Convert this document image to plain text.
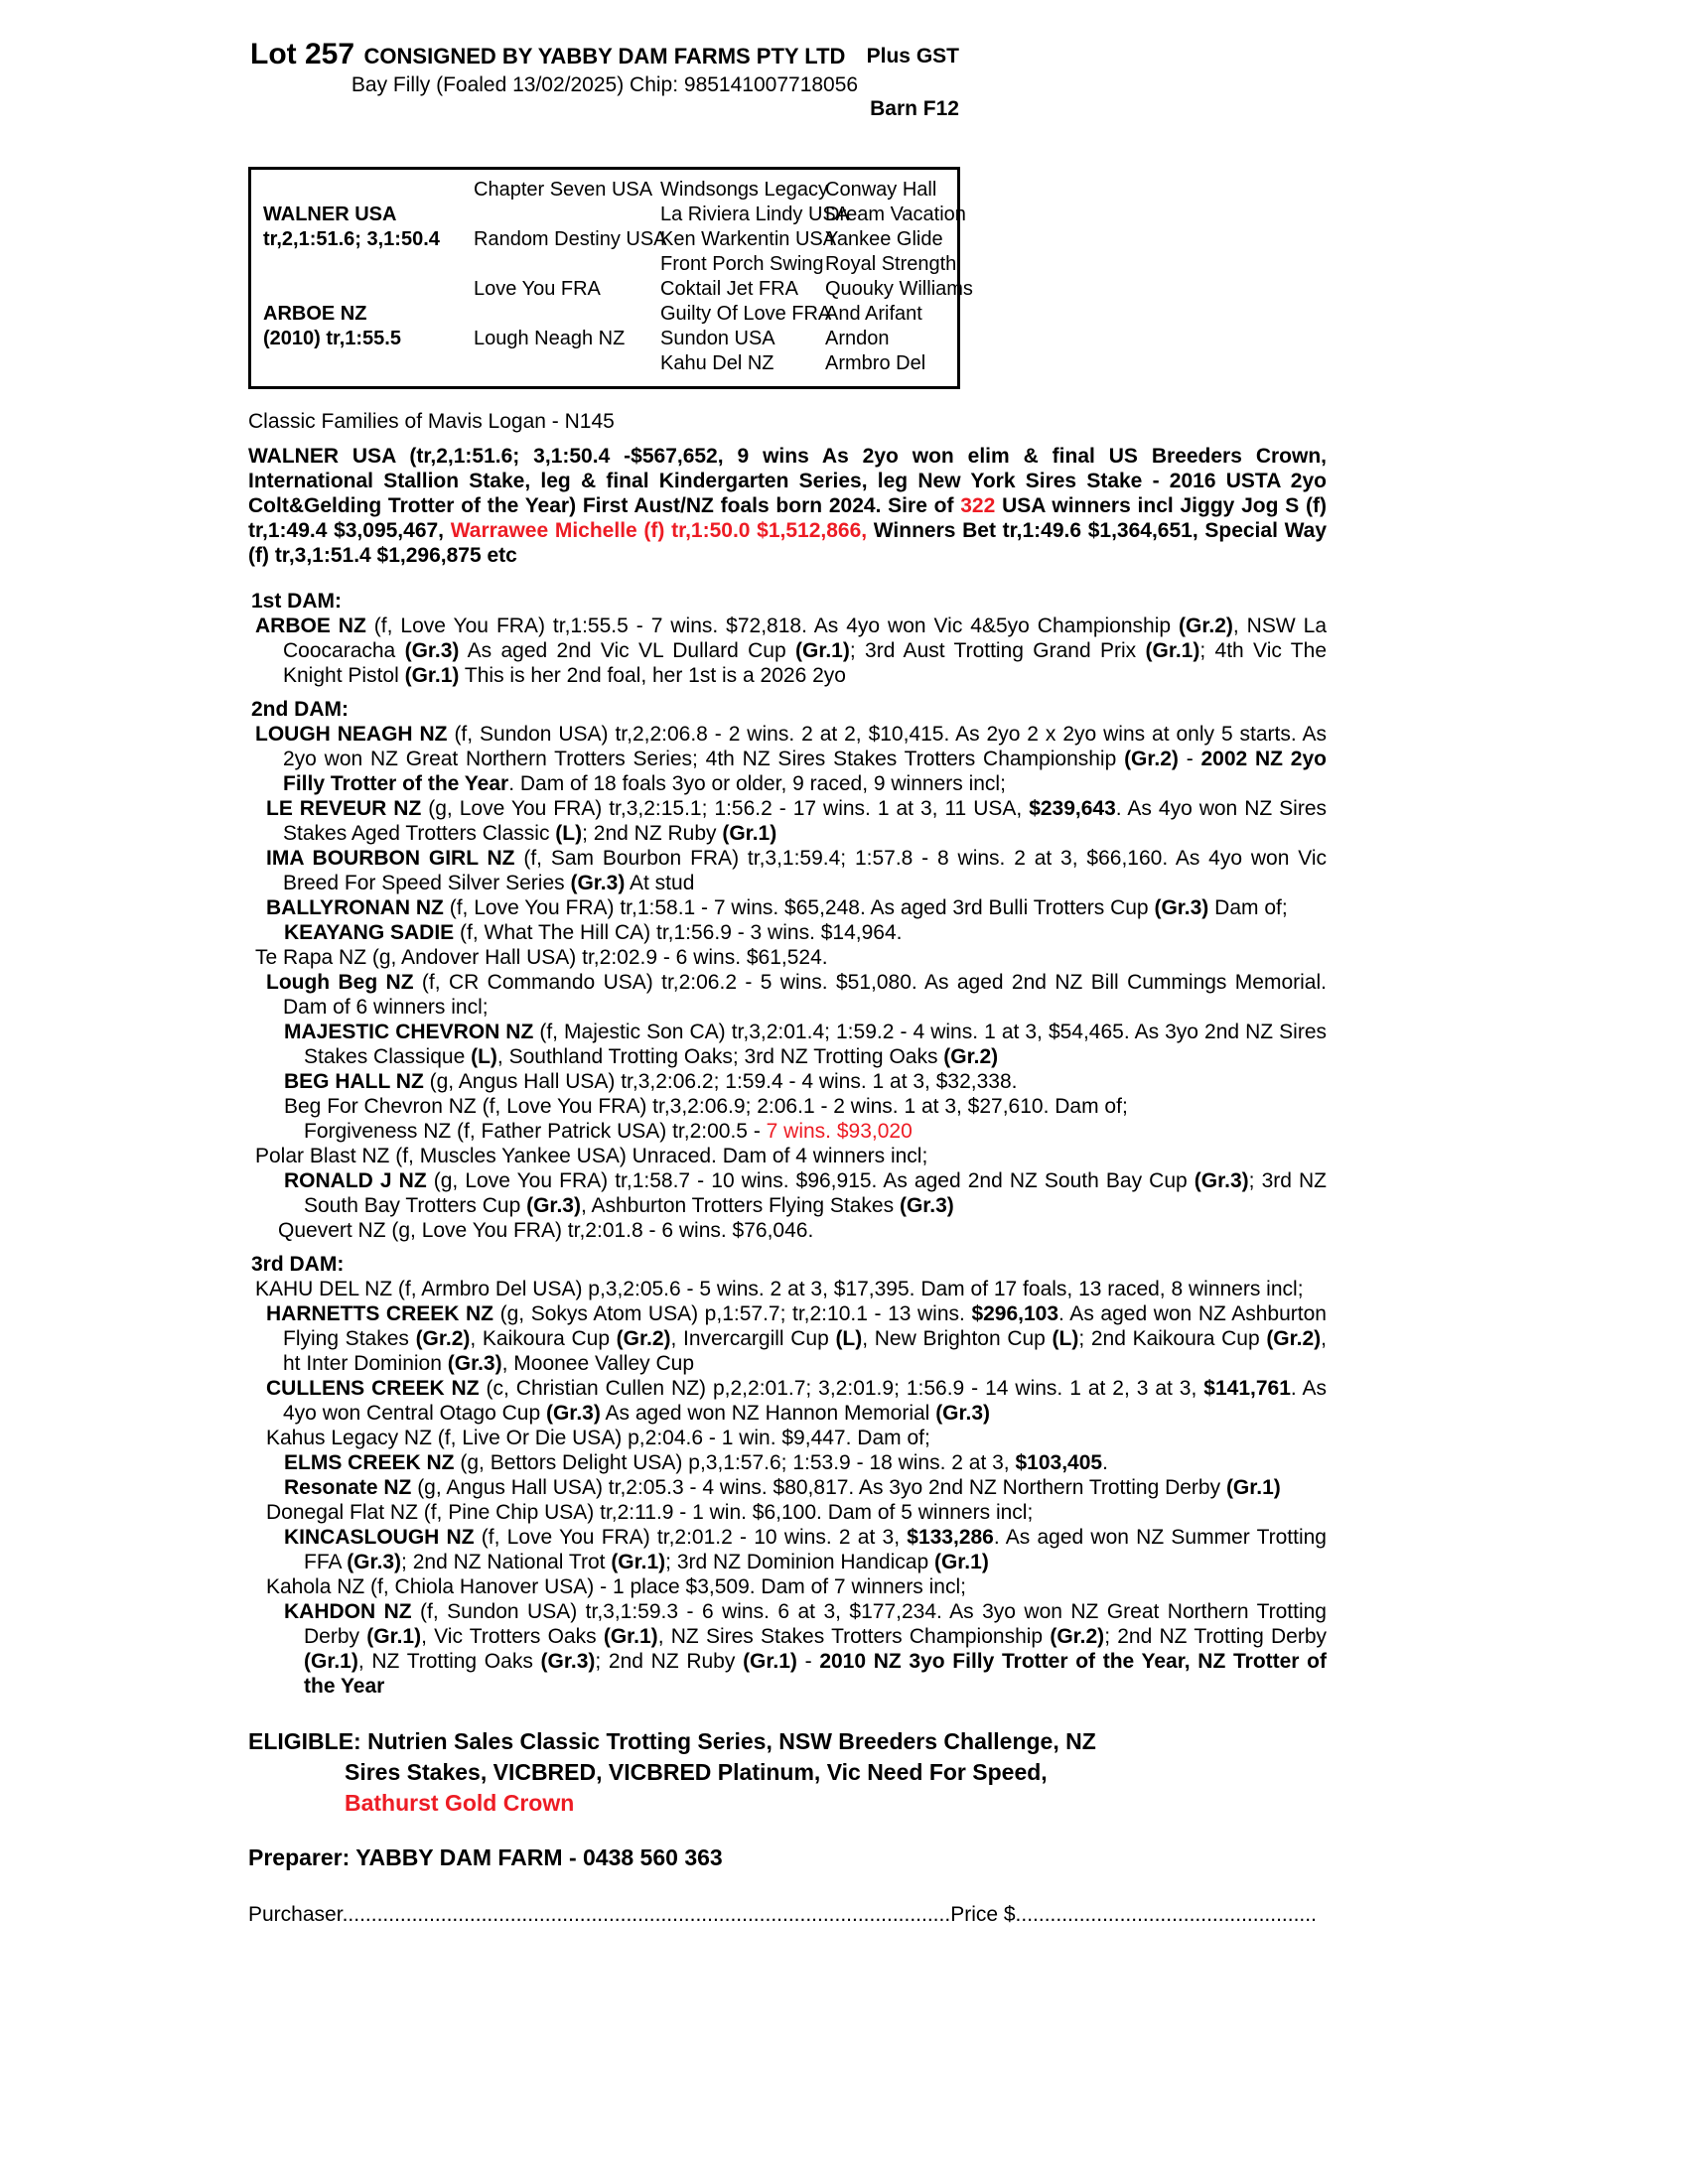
Lot 257 CONSIGNED BY YABBY DAM FARMS PTY LTD	Plus GST
Bay Filly (Foaled 13/02/2025) Chip: 985141007718056
Barn F12
WALNER USA
tr,2,1:51.6; 3,1:50.4
ARBOE NZ
(2010) tr,1:55.5
Chapter Seven USA
Random Destiny USA
Love You FRA
Lough Neagh NZ
Windsongs Legacy
La Riviera Lindy USA
Ken Warkentin USA
Front Porch Swing
Coktail Jet FRA
Guilty Of Love FRA
Sundon USA
Kahu Del NZ
Conway Hall
Dream Vacation
Yankee Glide
Royal Strength
Quouky Williams
And Arifant
Arndon
Armbro Del
Classic Families of Mavis Logan - N145

WALNER USA (tr,2,1:51.6; 3,1:50.4 -$567,652, 9 wins As 2yo won elim & final US Breeders Crown, International Stallion Stake, leg & final Kindergarten Series, leg New York Sires Stake - 2016 USTA 2yo Colt&Gelding Trotter of the Year) First Aust/NZ foals born 2024. Sire of 322 USA winners incl Jiggy Jog S (f) tr,1:49.4 $3,095,467, Warrawee Michelle (f) tr,1:50.0 $1,512,866, Winners Bet tr,1:49.6 $1,364,651, Special Way (f) tr,3,1:51.4 $1,296,875 etc

1st DAM:

ARBOE NZ (f, Love You FRA) tr,1:55.5 - 7 wins. $72,818. As 4yo won Vic 4&5yo Championship (Gr.2), NSW La Coocaracha (Gr.3) As aged 2nd Vic VL Dullard Cup (Gr.1); 3rd Aust Trotting Grand Prix (Gr.1); 4th Vic The Knight Pistol (Gr.1) This is her 2nd foal, her 1st is a 2026 2yo

2nd DAM:

LOUGH NEAGH NZ (f, Sundon USA) tr,2,2:06.8 - 2 wins. 2 at 2, $10,415. As 2yo 2 x 2yo wins at only 5 starts. As 2yo won NZ Great Northern Trotters Series; 4th NZ Sires Stakes Trotters Championship (Gr.2) - 2002 NZ 2yo Filly Trotter of the Year. Dam of 18 foals 3yo or older, 9 raced, 9 winners incl;

LE REVEUR NZ (g, Love You FRA) tr,3,2:15.1; 1:56.2 - 17 wins. 1 at 3, 11 USA, $239,643. As 4yo won NZ Sires Stakes Aged Trotters Classic (L); 2nd NZ Ruby (Gr.1)

IMA BOURBON GIRL NZ (f, Sam Bourbon FRA) tr,3,1:59.4; 1:57.8 - 8 wins. 2 at 3, $66,160. As 4yo won Vic Breed For Speed Silver Series (Gr.3) At stud

BALLYRONAN NZ (f, Love You FRA) tr,1:58.1 - 7 wins. $65,248. As aged 3rd Bulli Trotters Cup (Gr.3) Dam of;

KEAYANG SADIE (f, What The Hill CA) tr,1:56.9 - 3 wins. $14,964.

Te Rapa NZ (g, Andover Hall USA) tr,2:02.9 - 6 wins. $61,524.

Lough Beg NZ (f, CR Commando USA) tr,2:06.2 - 5 wins. $51,080. As aged 2nd NZ Bill Cummings Memorial. Dam of 6 winners incl;

MAJESTIC CHEVRON NZ (f, Majestic Son CA) tr,3,2:01.4; 1:59.2 - 4 wins. 1 at 3, $54,465. As 3yo 2nd NZ Sires Stakes Classique (L), Southland Trotting Oaks; 3rd NZ Trotting Oaks (Gr.2)

BEG HALL NZ (g, Angus Hall USA) tr,3,2:06.2; 1:59.4 - 4 wins. 1 at 3, $32,338.

Beg For Chevron NZ (f, Love You FRA) tr,3,2:06.9; 2:06.1 - 2 wins. 1 at 3, $27,610. Dam of;

Forgiveness NZ (f, Father Patrick USA) tr,2:00.5 - 7 wins. $93,020

Polar Blast NZ (f, Muscles Yankee USA) Unraced. Dam of 4 winners incl;

RONALD J NZ (g, Love You FRA) tr,1:58.7 - 10 wins. $96,915. As aged 2nd NZ South Bay Cup (Gr.3); 3rd NZ South Bay Trotters Cup (Gr.3), Ashburton Trotters Flying Stakes (Gr.3)

Quevert NZ (g, Love You FRA) tr,2:01.8 - 6 wins. $76,046.

3rd DAM:

KAHU DEL NZ (f, Armbro Del USA) p,3,2:05.6 - 5 wins. 2 at 3, $17,395. Dam of 17 foals, 13 raced, 8 winners incl;

HARNETTS CREEK NZ (g, Sokys Atom USA) p,1:57.7; tr,2:10.1 - 13 wins. $296,103. As aged won NZ Ashburton Flying Stakes (Gr.2), Kaikoura Cup (Gr.2), Invercargill Cup (L), New Brighton Cup (L); 2nd Kaikoura Cup (Gr.2), ht Inter Dominion (Gr.3), Moonee Valley Cup

CULLENS CREEK NZ (c, Christian Cullen NZ) p,2,2:01.7; 3,2:01.9; 1:56.9 - 14 wins. 1 at 2, 3 at 3, $141,761. As 4yo won Central Otago Cup (Gr.3) As aged won NZ Hannon Memorial (Gr.3)

Kahus Legacy NZ (f, Live Or Die USA) p,2:04.6 - 1 win. $9,447. Dam of;

ELMS CREEK NZ (g, Bettors Delight USA) p,3,1:57.6; 1:53.9 - 18 wins. 2 at 3, $103,405.

Resonate NZ (g, Angus Hall USA) tr,2:05.3 - 4 wins. $80,817. As 3yo 2nd NZ Northern Trotting Derby (Gr.1)

Donegal Flat NZ (f, Pine Chip USA) tr,2:11.9 - 1 win. $6,100. Dam of 5 winners incl;

KINCASLOUGH NZ (f, Love You FRA) tr,2:01.2 - 10 wins. 2 at 3, $133,286. As aged won NZ Summer Trotting FFA (Gr.3); 2nd NZ National Trot (Gr.1); 3rd NZ Dominion Handicap (Gr.1)

Kahola NZ (f, Chiola Hanover USA) - 1 place $3,509. Dam of 7 winners incl;

KAHDON NZ (f, Sundon USA) tr,3,1:59.3 - 6 wins. 6 at 3, $177,234. As 3yo won NZ Great Northern Trotting Derby (Gr.1), Vic Trotters Oaks (Gr.1), NZ Sires Stakes Trotters Championship (Gr.2); 2nd NZ Trotting Derby (Gr.1), NZ Trotting Oaks (Gr.3); 2nd NZ Ruby (Gr.1) - 2010 NZ 3yo Filly Trotter of the Year, NZ Trotter of the Year

ELIGIBLE: Nutrien Sales Classic Trotting Series, NSW Breeders Challenge, NZ
Sires Stakes, VICBRED, VICBRED Platinum, Vic Need For Speed,
Bathurst Gold Crown
Preparer: YABBY DAM FARM - 0438 560 363
Purchaser.........................................................................................................Price $....................................................
